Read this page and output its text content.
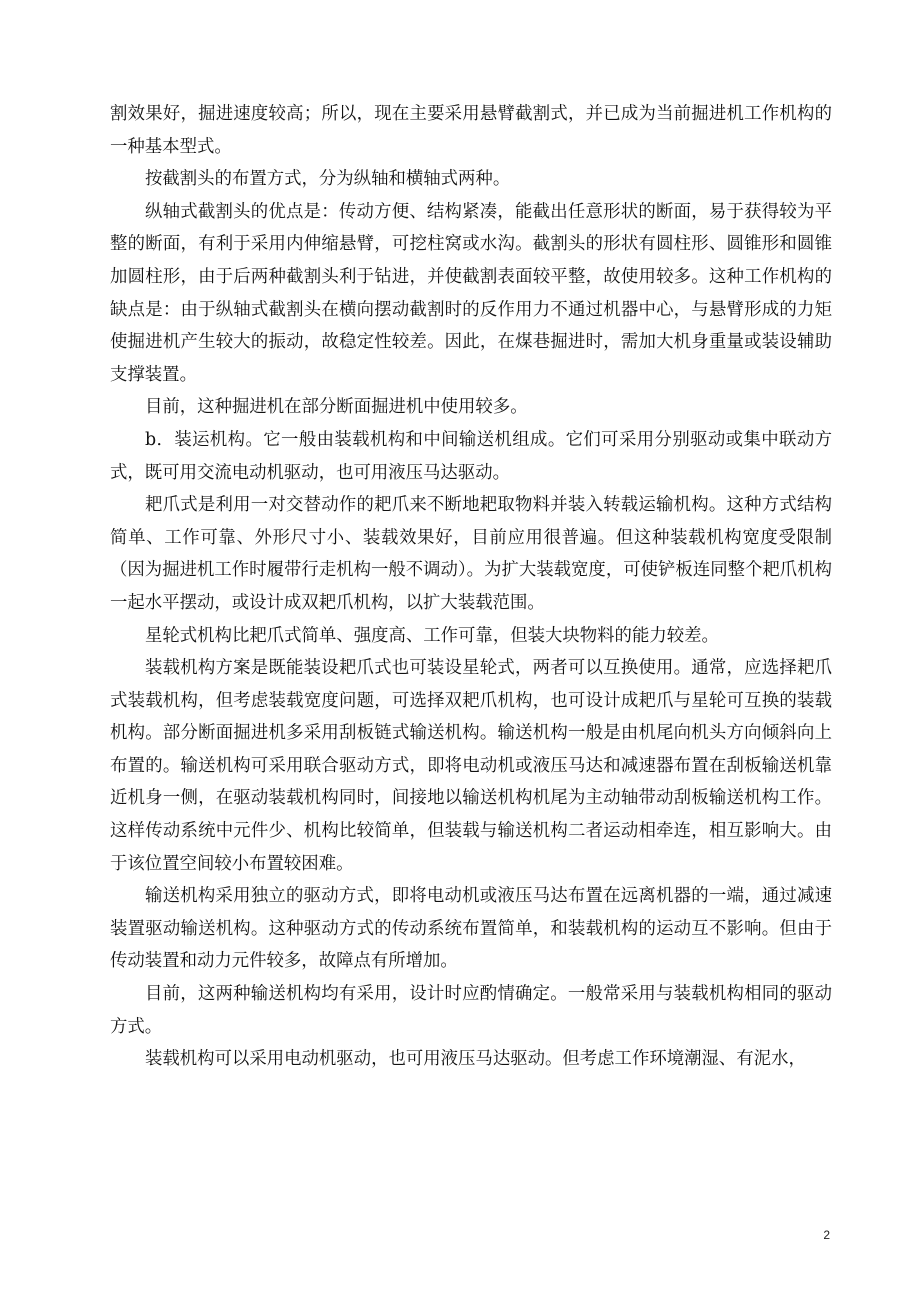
割效果好，掘进速度较高；所以，现在主要采用悬臂截割式，并已成为当前掘进机工作机构的一种基本型式。

按截割头的布置方式，分为纵轴和横轴式两种。

纵轴式截割头的优点是：传动方便、结构紧凑，能截出任意形状的断面，易于获得较为平整的断面，有利于采用内伸缩悬臂，可挖柱窝或水沟。截割头的形状有圆柱形、圆锥形和圆锥加圆柱形，由于后两种截割头利于钻进，并使截割表面较平整，故使用较多。这种工作机构的缺点是：由于纵轴式截割头在横向摆动截割时的反作用力不通过机器中心，与悬臂形成的力矩使掘进机产生较大的振动，故稳定性较差。因此，在煤巷掘进时，需加大机身重量或装设辅助支撑装置。

目前，这种掘进机在部分断面掘进机中使用较多。

b．装运机构。它一般由装载机构和中间输送机组成。它们可采用分别驱动或集中联动方式，既可用交流电动机驱动，也可用液压马达驱动。

耙爪式是利用一对交替动作的耙爪来不断地耙取物料并装入转载运输机构。这种方式结构简单、工作可靠、外形尺寸小、装载效果好，目前应用很普遍。但这种装载机构宽度受限制（因为掘进机工作时履带行走机构一般不调动）。为扩大装载宽度，可使铲板连同整个耙爪机构一起水平摆动，或设计成双耙爪机构，以扩大装载范围。

星轮式机构比耙爪式简单、强度高、工作可靠，但装大块物料的能力较差。

装载机构方案是既能装设耙爪式也可装设星轮式，两者可以互换使用。通常，应选择耙爪式装载机构，但考虑装载宽度问题，可选择双耙爪机构，也可设计成耙爪与星轮可互换的装载机构。部分断面掘进机多采用刮板链式输送机构。输送机构一般是由机尾向机头方向倾斜向上布置的。输送机构可采用联合驱动方式，即将电动机或液压马达和减速器布置在刮板输送机靠近机身一侧，在驱动装载机构同时，间接地以输送机构机尾为主动轴带动刮板输送机构工作。这样传动系统中元件少、机构比较简单，但装载与输送机构二者运动相牵连，相互影响大。由于该位置空间较小布置较困难。

输送机构采用独立的驱动方式，即将电动机或液压马达布置在远离机器的一端，通过减速装置驱动输送机构。这种驱动方式的传动系统布置简单，和装载机构的运动互不影响。但由于传动装置和动力元件较多，故障点有所增加。

目前，这两种输送机构均有采用，设计时应酌情确定。一般常采用与装载机构相同的驱动方式。

装载机构可以采用电动机驱动，也可用液压马达驱动。但考虑工作环境潮湿、有泥水，

2
